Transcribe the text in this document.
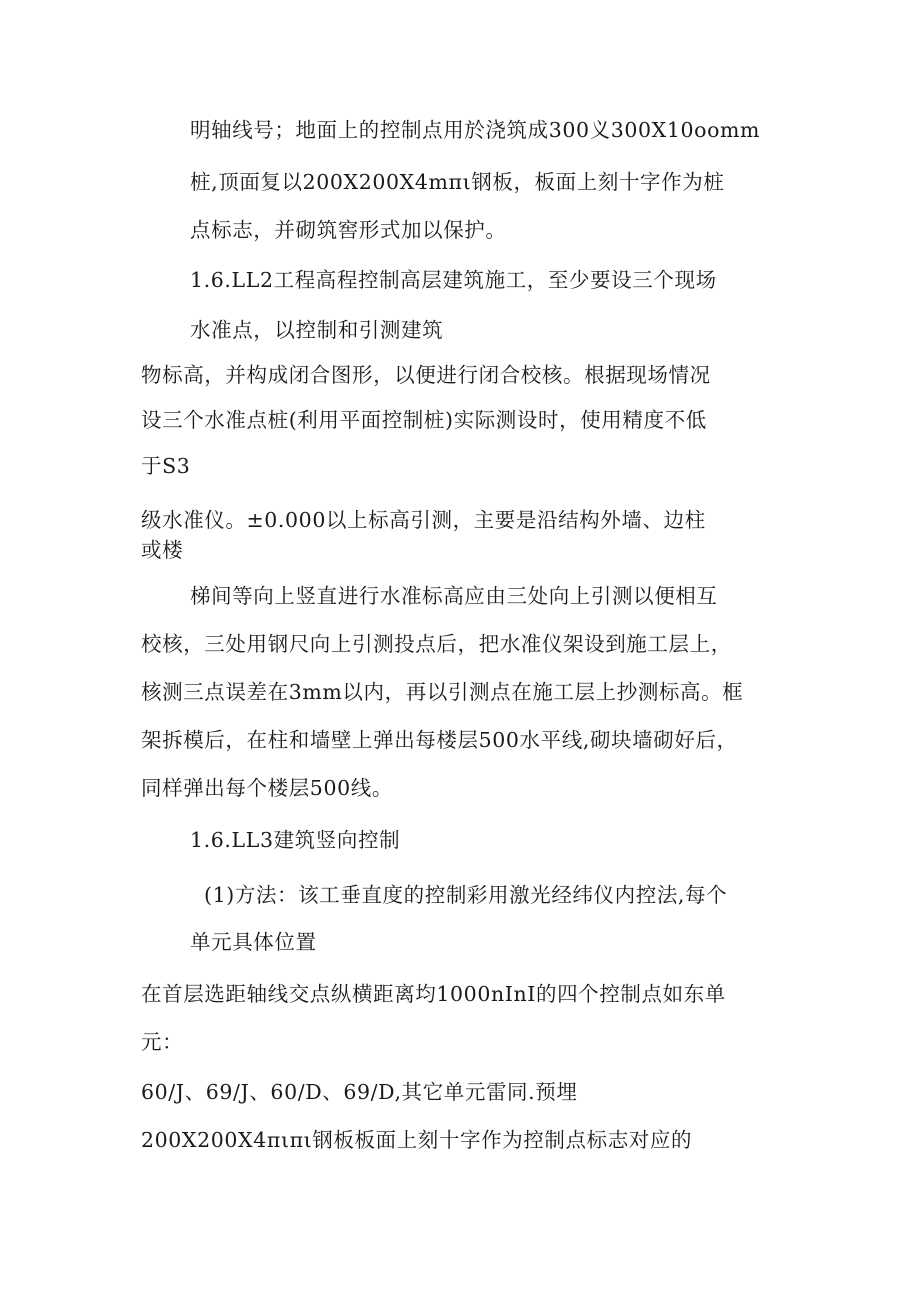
明轴线号；地面上的控制点用於浇筑成300义300X10oomm
桩,顶面复以200X200X4mπι钢板，板面上刻十字作为桩
点标志，并砌筑窖形式加以保护。
1.6.LL2工程高程控制高层建筑施工，至少要设三个现场
水准点，以控制和引测建筑
物标高，并构成闭合图形，以便进行闭合校核。根据现场情况
设三个水准点桩(利用平面控制桩)实际测设时，使用精度不低
于S3
级水准仪。±0.000以上标高引测，主要是沿结构外墙、边柱
或楼
梯间等向上竖直进行水准标高应由三处向上引测以便相互
校核，三处用钢尺向上引测投点后，把水准仪架设到施工层上，
核测三点误差在3mm以内，再以引测点在施工层上抄测标高。框
架拆模后，在柱和墙壁上弹出每楼层500水平线,砌块墙砌好后，
同样弹出每个楼层500线。
1.6.LL3建筑竖向控制
(1)方法：该工垂直度的控制彩用激光经纬仪内控法,每个
单元具体位置
在首层选距轴线交点纵横距离均1000nInI的四个控制点如东单
元：
60/J、69/J、60/D、69/D,其它单元雷同.预埋
200X200X4πιπι钢板板面上刻十字作为控制点标志对应的
